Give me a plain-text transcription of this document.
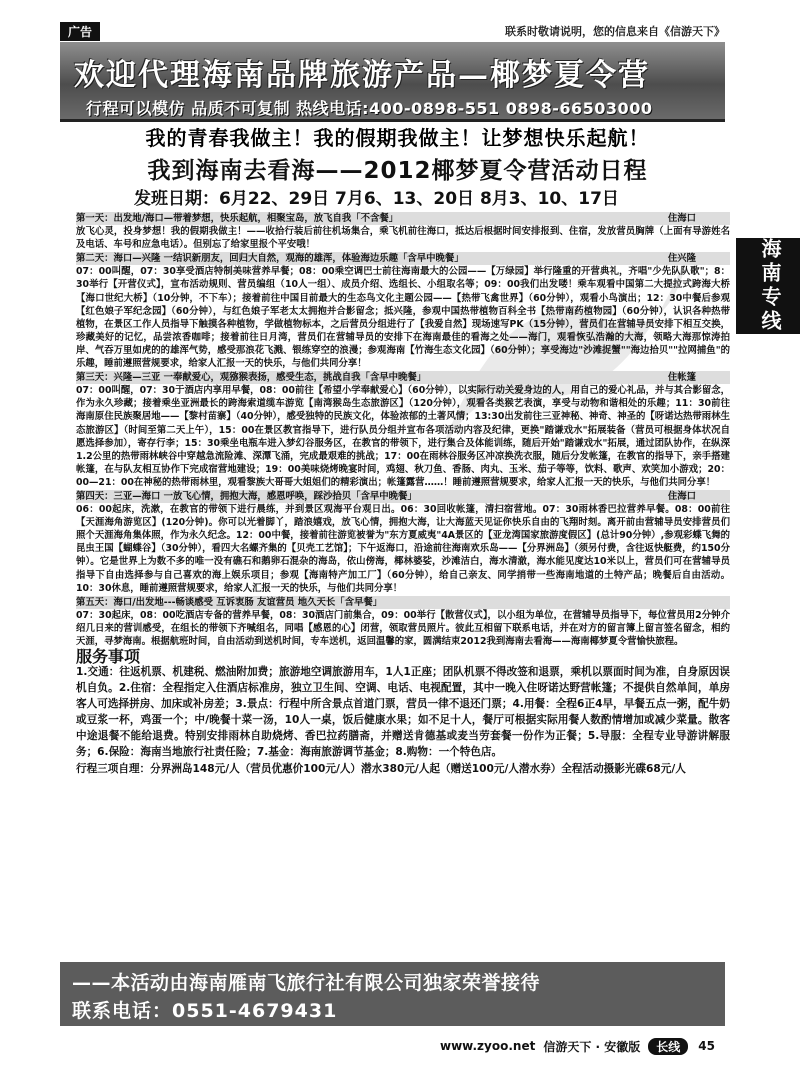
广告	联系时敬请说明，您的信息来自《信游天下》
欢迎代理海南品牌旅游产品—椰梦夏令营
行程可以模仿 品质不可复制 热线电话:400-0898-551 0898-66503000
我的青春我做主！我的假期我做主！让梦想快乐起航！
我到海南去看海——2012椰梦夏令营活动日程
发班日期：6月22、29日 7月6、13、20日 8月3、10、17日
海南专线
第一天：出发地/海口—带着梦想，快乐起航，相聚宝岛，放飞自我「不含餐」	住海口
放飞心灵，投身梦想！我的假期我做主！——收拾行装后前往机场集合，乘飞机前往海口，抵达后根据时间安排报到、住宿，发放营员胸牌（上面有导游姓名及电话、车号和应急电话）。但别忘了给家里报个平安哦！
第二天：海口—兴隆 一结识新朋友，回归大自然，观海的雄浑，体验海边乐趣「含早中晚餐」	住兴隆
07：00叫醒，07：30享受酒店特制美味营养早餐；08：00乘空调巴士前往海南最大的公园——【万绿园】举行隆重的开营典礼，齐唱"少先队队歌"；8：30举行【开营仪式】，宣布活动规则、营员编组（10人一组）、成员介绍、选组长、小组取名等；09：00我们出发喽！乘车观看中国第二大提拉式跨海大桥【海口世纪大桥】（10分钟，不下车）；接着前往中国目前最大的生态鸟文化主题公园——【热带飞禽世界】（60分钟），观看小鸟演出；12：30中餐后参观【红色娘子军纪念园】（60分钟），与红色娘子军老太太拥抱并合影留念；抵兴隆，参观中国热带植物百科全书【热带南药植物园】（60分钟），认识各种热带植物，在景区工作人员指导下触摸各种植物，学做植物标本，之后营员分组进行了【我爱自然】现场速写PK（15分钟），营员们在营辅导员安排下相互交换，珍藏美好的记忆，品尝浓香咖啡；接着前往日月湾，营员们在营辅导员的安排下在海南最佳的看海之处——海门，观看恢弘浩瀚的大海，领略大海那惊涛拍岸、气吞万里如虎的的雄浑气势，感受那浪花飞溅、银练穿空的浪漫；参观海南【竹海生态文化园】（60分钟）；享受海边"沙滩捉蟹""海边拾贝""拉网捕鱼"的乐趣，睡前遵照营规要求，给家人汇报一天的快乐，与他们共同分享！
第三天：兴隆—三亚 一奉献爱心，观猕猴表扬，感受生态，挑战自我「含早中晚餐」	住帐篷
07：00叫醒，07：30于酒店内享用早餐，08：00前往【希望小学奉献爱心】（60分钟），以实际行动关爱身边的人，用自己的爱心礼品，并与其合影留念，作为永久珍藏；接着乘坐亚洲最长的跨海索道缆车游览【南湾猴岛生态旅游区】（120分钟），观看各类猴艺表演，享受与动物和谐相处的乐趣；11：30前往海南原住民族聚居地——【黎村苗寨】（40分钟），感受独特的民族文化，体验浓郁的土著风情；13:30出发前往三亚神秘、神奇、神圣的【呀诺达热带雨林生态旅游区】（时间至第二天上午），15：00在景区教官指导下，进行队员分组并宣布各项活动内容及纪律，更换"踏谦戏水"拓展装备（营员可根据身体状况自愿选择参加），寄存行李；15：30乘坐电瓶车进入梦幻谷服务区，在教官的带领下，进行集合及体能训练，随后开始"踏谦戏水"拓展，通过团队协作，在纵深1.2公里的热带雨林峡谷中穿越急流险滩、深潭飞涌，完成最艰难的挑战；17：00在雨林谷服务区冲凉换洗衣服，随后分发帐篷，在教官的指导下，亲手搭建帐篷，在与队友相互协作下完成宿营地建设；19：00美味烧烤晚宴时间，鸡翅、秋刀鱼、香肠、肉丸、玉米、茄子等等，饮料、歌声、欢笑加小游戏；20：00—21：00在神秘的热带雨林里，观看黎族大哥哥大姐姐们的精彩演出；帐篷露营……！睡前遵照营规要求，给家人汇报一天的快乐，与他们共同分享！
第四天：三亚—海口 一放飞心情，拥抱大海，感恩呼唤，踩沙拾贝「含早中晚餐」	住海口
06：00起床，洗漱，在教官的带领下进行晨练，并到景区观海平台观日出。06：30回收帐篷，清扫宿营地。07：30雨林香巴拉营养早餐。08：00前往【天涯海角游览区】(120分钟)。你可以光着脚丫，踏浪嬉戏，放飞心情，拥抱大海，让大海蓝天见证你快乐自由的飞翔时刻。离开前由营辅导员安排营员们照个天涯海角集体照，作为永久纪念。12：00中餐，接着前往游览被誉为"东方夏威夷"4A景区的【亚龙湾国家旅游度假区】(总计90分钟）,参观彩蝶飞舞的昆虫王国【蝴蝶谷】（30分钟），看四大名螺齐集的【贝壳工艺馆】；下午返海口，沿途前往海南欢乐岛——【分界洲岛】（须另付费，含往返快艇费，约150分钟）。它是世界上为数不多的唯一没有礁石和鹅卵石混杂的海岛，依山傍海，椰林婆娑，沙滩洁白，海水清澈，海水能见度达10米以上，营员们可在营辅导员指导下自由选择参与自己喜欢的海上娱乐项目；参观【海南特产加工厂】（60分钟），给自己亲友、同学捎带一些海南地道的土特产品；晚餐后自由活动。10：30休息，睡前遵照营规要求，给家人汇报一天的快乐，与他们共同分享！
第五天：海口/出发地---畅谈感受 互诉衷肠 友谊营员 地久天长「含早餐」
07：30起床，08：00吃酒店专备的营养早餐，08：30酒店门前集合，09：00举行【散营仪式】，以小组为单位，在营辅导员指导下，每位营员用2分钟介绍几日来的营训感受，在组长的带领下齐喊组名，同唱【感恩的心】闭营，领取营员照片。彼此互相留下联系电话，并在对方的留言簿上留言签名留念，相约天涯，寻梦海南。根据航班时间，自由活动到送机时间，专车送机，返回温馨的家，圆满结束2012我到海南去看海——海南椰梦夏令营愉快旅程。
服务事项
1.交通：往返机票、机建税、燃油附加费；旅游地空调旅游用车，1人1正座；团队机票不得改签和退票，乘机以票面时间为准，自身原因误机自负。2.住宿：全程指定入住酒店标准房，独立卫生间、空调、电话、电视配置，其中一晚入住呀诺达野营帐篷；不提供自然单间，单房客人可选择拼房、加床或补房差；3.景点：行程中所含景点首道门票，营员一律不退还门票；4.用餐：全程6正4早，早餐五点一粥，配牛奶或豆浆一杯，鸡蛋一个；中/晚餐十菜一汤，10人一桌，饭后健康水果；如不足十人，餐厅可根据实际用餐人数酌情增加或减少菜量。散客中途退餐不能给退费。特别安排雨林自助烧烤、香巴拉药膳斋，并赠送肯德基或麦当劳套餐一份作为正餐；5.导服：全程专业导游讲解服务；6.保险：海南当地旅行社责任险；7.基金：海南旅游调节基金；8.购物：一个特色店。
行程三项自理：分界洲岛148元/人（营员优惠价100元/人）潜水380元/人起（赠送100元/人潜水券）全程活动摄影光碟68元/人
——本活动由海南雁南飞旅行社有限公司独家荣誉接待
联系电话：0551-4679431
www.zyoo.net 信游天下 · 安徽版	长线	45
